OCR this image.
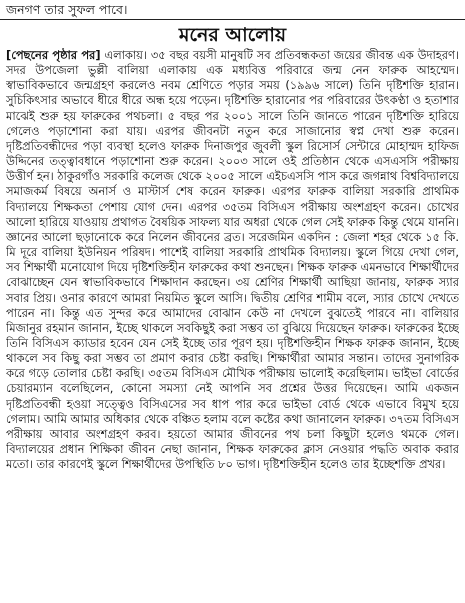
জনগণ তার সুফল পাবে।
মনের আলোয়

[পেছনের পৃষ্ঠার পর] এলাকায়। ৩৫ বছর বয়সী মানুষটি সব প্রতিবন্ধকতা জয়ের জীবন্ত এক উদাহরণ। সদর উপজেলা ভুল্লী বালিয়া এলাকায় এক মধ্যবিত্ত পরিবারে জন্ম নেন ফারুক আহম্মেদ। স্বাভাবিকভাবে জন্মগ্রহণ করলেও নবম শ্রেণিতে পড়ার সময় (১৯৯৬ সালে) তিনি দৃষ্টিশক্তি হারান। সুচিকিৎসার অভাবে ধীরে ধীরে অন্ধ হয়ে পড়েন। দৃষ্টিশক্তি হারানোর পর পরিবারের উৎকণ্ঠা ও হতাশার মাঝেই শুরু হয় ফারুকের পথচলা। ৫ বছর পর ২০০১ সালে তিনি জানতে পারেন দৃষ্টিশক্তি হারিয়ে গেলেও পড়াশোনা করা যায়। এরপর জীবনটা নতুন করে সাজানোর স্বপ্ন দেখা শুরু করেন। দৃষ্টিপ্রতিবন্ধীদের পড়া ব্যবস্থা হলেও ফারুক দিনাজপুর জুবলী স্কুল রিসোর্স সেন্টারে মোহাম্মদ হাফিজ উদ্দিনের তত্ত্বাবধানে পড়াশোনা শুরু করেন। ২০০৩ সালে ওই প্রতিষ্ঠান থেকে এসএসসি পরীক্ষায় উত্তীর্ণ হন। ঠাকুরগাঁও সরকারি কলেজ থেকে ২০০৫ সালে এইচএসসি পাস করে জগন্নাথ বিশ্ববিদ্যালয়ে সমাজকর্ম বিষয়ে অনার্স ও মাস্টার্স শেষ করেন ফারুক। এরপর ফারুক বালিয়া সরকারি প্রাথমিক বিদ্যালয়ে শিক্ষকতা পেশায় যোগ দেন। এরপর ৩৫তম বিসিএস পরীক্ষায় অংশগ্রহণ করেন। চোখের আলো হারিয়ে যাওয়ায় প্রথাগত বৈষয়িক সাফল্য যার অধরা থেকে গেল সেই ফারুক কিন্তু থেমে যাননি। জ্ঞানের আলো ছড়ানোকে করে নিলেন জীবনের ব্রত। সরেজমিন একদিন : জেলা শহর থেকে ১৫ কি. মি দূরে বালিয়া ইউনিয়ন পরিষদ। পাশেই বালিয়া সরকারি প্রাথমিক বিদ্যালয়। স্কুলে গিয়ে দেখা গেল, সব শিক্ষার্থী মনোযোগ দিয়ে দৃষ্টিশক্তিহীন ফারুকের কথা শুনছেন। শিক্ষক ফারুক এমনভাবে শিক্ষার্থীদের বোঝাচ্ছেন যেন স্বাভাবিকভাবে শিক্ষাদান করছেন। ৩য় শ্রেণির শিক্ষার্থী আছিয়া জানায়, ফারুক স্যার সবার প্রিয়। ওনার কারণে আমরা নিয়মিত স্কুলে আসি। দ্বিতীয় শ্রেণির শামীম বলে, স্যার চোখে দেখতে পারেন না। কিন্তু এত সুন্দর করে আমাদের বোঝান কেউ না দেখলে বুঝতেই পারবে না। বালিয়ার মিজানুর রহমান জানান, ইচ্ছে থাকলে সবকিছুই করা সম্ভব তা বুঝিয়ে দিয়েছেন ফারুক। ফারুকের ইচ্ছে তিনি বিসিএস ক্যাডার হবেন যেন সেই ইচ্ছে তার পূরণ হয়। দৃষ্টিশক্তিহীন শিক্ষক ফারুক জানান, ইচ্ছে থাকলে সব কিছু করা সম্ভব তা প্রমাণ করার চেষ্টা করছি। শিক্ষার্থীরা আমার সন্তান। তাদের সুনাগরিক করে গড়ে তোলার চেষ্টা করছি। ৩৫তম বিসিএস মৌখিক পরীক্ষায় ভালোই করেছিলাম। ভাইভা বোর্ডের চেয়ারম্যান বলেছিলেন, কোনো সমস্যা নেই আপনি সব প্রশ্নের উত্তর দিয়েছেন। আমি একজন দৃষ্টিপ্রতিবন্ধী হওয়া সত্ত্বেও বিসিএসের সব ধাপ পার করে ভাইভা বোর্ড থেকে এভাবে বিমুখ হয়ে গেলাম। আমি আমার অধিকার থেকে বঞ্চিত হলাম বলে কষ্টের কথা জানালেন ফারুক। ৩৭তম বিসিএস পরীক্ষায় আবার অংশগ্রহণ করব। হয়তো আমার জীবনের পথ চলা কিছুটা হলেও থমকে গেল। বিদ্যালয়ের প্রধান শিক্ষিকা জীবন নেছা জানান, শিক্ষক ফারুকের ক্লাস নেওয়ার পদ্ধতি অবাক করার মতো। তার কারণেই স্কুলে শিক্ষার্থীদের উপস্থিতি ৮০ ভাগ। দৃষ্টিশক্তিহীন হলেও তার ইচ্ছেশক্তি প্রখর।
